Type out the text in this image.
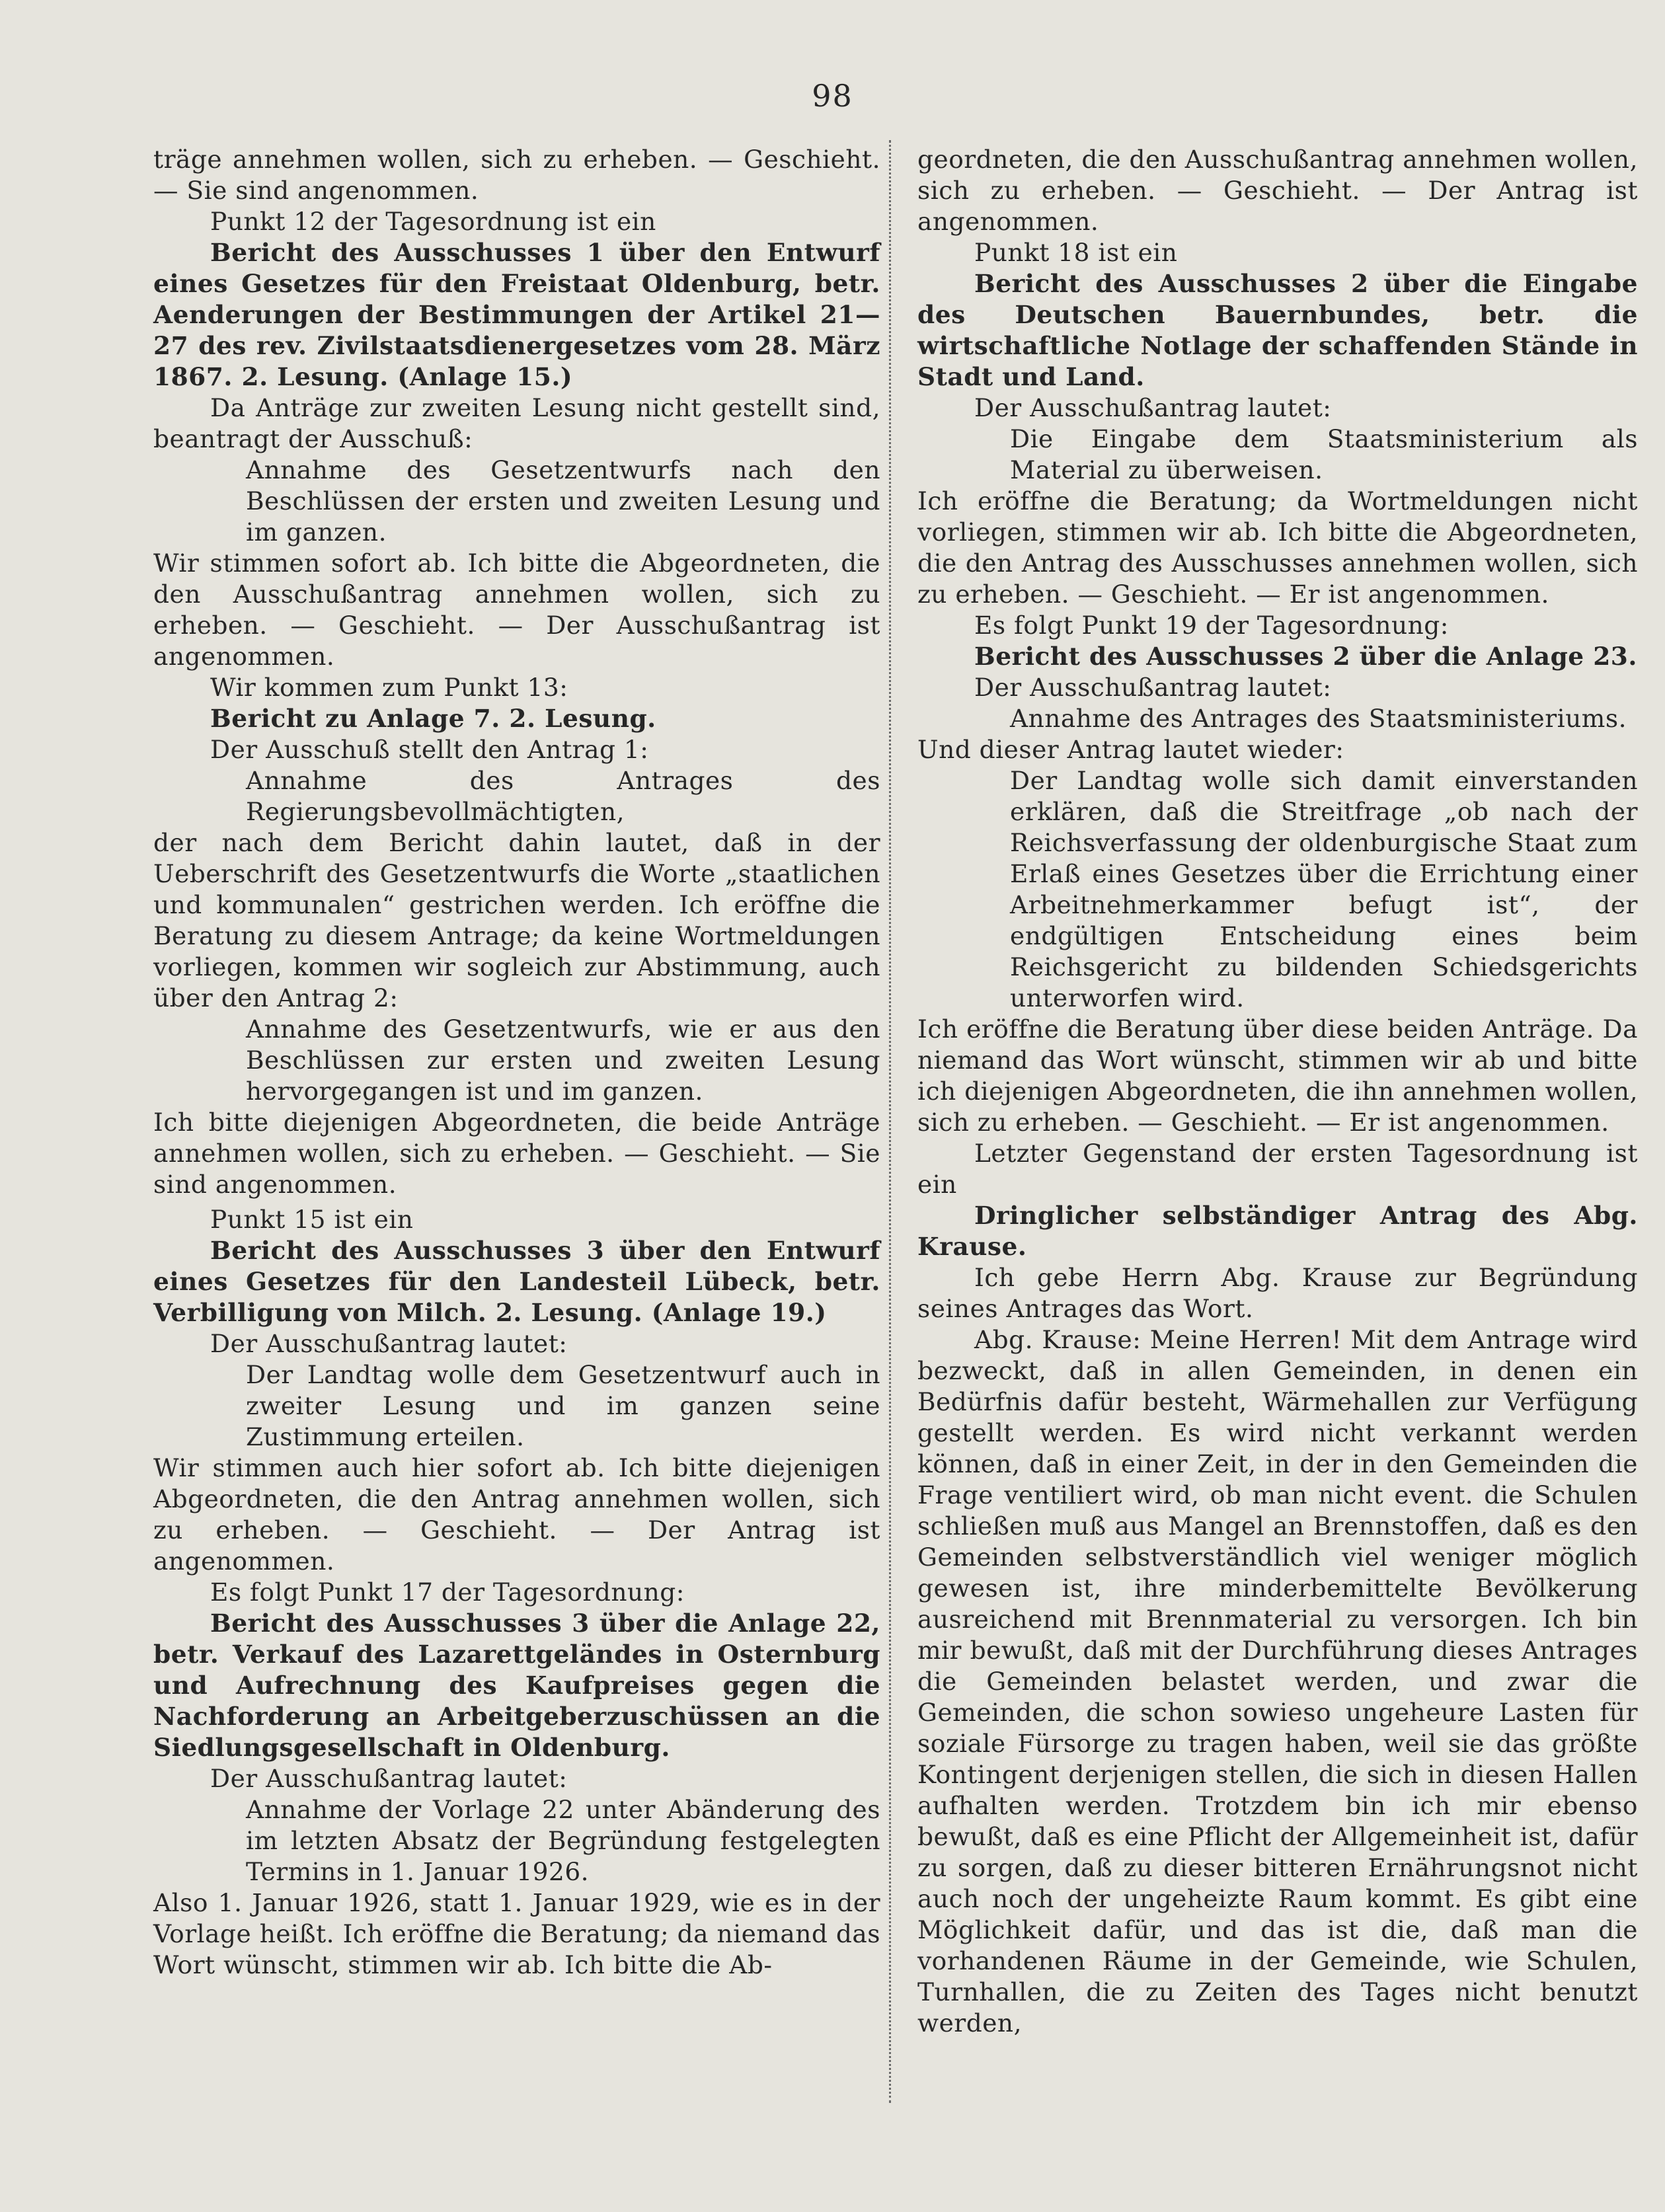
98

träge annehmen wollen, sich zu erheben. — Geschieht. — Sie sind angenommen.

Punkt 12 der Tagesordnung ist ein

Bericht des Ausschusses 1 über den Entwurf eines Gesetzes für den Freistaat Oldenburg, betr. Aenderungen der Bestimmungen der Artikel 21—27 des rev. Zivilstaatsdienergesetzes vom 28. März 1867. 2. Lesung. (Anlage 15.)

Da Anträge zur zweiten Lesung nicht gestellt sind, beantragt der Ausschuß:

Annahme des Gesetzentwurfs nach den Beschlüssen der ersten und zweiten Lesung und im ganzen.

Wir stimmen sofort ab. Ich bitte die Abgeordneten, die den Ausschußantrag annehmen wollen, sich zu erheben. — Geschieht. — Der Ausschußantrag ist angenommen.

Wir kommen zum Punkt 13:

Bericht zu Anlage 7. 2. Lesung.

Der Ausschuß stellt den Antrag 1:

Annahme des Antrages des Regierungsbevollmächtigten,

der nach dem Bericht dahin lautet, daß in der Ueberschrift des Gesetzentwurfs die Worte „staatlichen und kommunalen“ gestrichen werden. Ich eröffne die Beratung zu diesem Antrage; da keine Wortmeldungen vorliegen, kommen wir sogleich zur Abstimmung, auch über den Antrag 2:

Annahme des Gesetzentwurfs, wie er aus den Beschlüssen zur ersten und zweiten Lesung hervorgegangen ist und im ganzen.

Ich bitte diejenigen Abgeordneten, die beide Anträge annehmen wollen, sich zu erheben. — Geschieht. — Sie sind angenommen.

Punkt 15 ist ein

Bericht des Ausschusses 3 über den Entwurf eines Gesetzes für den Landesteil Lübeck, betr. Verbilligung von Milch. 2. Lesung. (Anlage 19.)

Der Ausschußantrag lautet:

Der Landtag wolle dem Gesetzentwurf auch in zweiter Lesung und im ganzen seine Zustimmung erteilen.

Wir stimmen auch hier sofort ab. Ich bitte diejenigen Abgeordneten, die den Antrag annehmen wollen, sich zu erheben. — Geschieht. — Der Antrag ist angenommen.

Es folgt Punkt 17 der Tagesordnung:

Bericht des Ausschusses 3 über die Anlage 22, betr. Verkauf des Lazarettgeländes in Osternburg und Aufrechnung des Kaufpreises gegen die Nachforderung an Arbeitgeberzuschüssen an die Siedlungsgesellschaft in Oldenburg.

Der Ausschußantrag lautet:

Annahme der Vorlage 22 unter Abänderung des im letzten Absatz der Begründung festgelegten Termins in 1. Januar 1926.

Also 1. Januar 1926, statt 1. Januar 1929, wie es in der Vorlage heißt. Ich eröffne die Beratung; da niemand das Wort wünscht, stimmen wir ab. Ich bitte die Ab-

geordneten, die den Ausschußantrag annehmen wollen, sich zu erheben. — Geschieht. — Der Antrag ist angenommen.

Punkt 18 ist ein

Bericht des Ausschusses 2 über die Eingabe des Deutschen Bauernbundes, betr. die wirtschaftliche Notlage der schaffenden Stände in Stadt und Land.

Der Ausschußantrag lautet:

Die Eingabe dem Staatsministerium als Material zu überweisen.

Ich eröffne die Beratung; da Wortmeldungen nicht vorliegen, stimmen wir ab. Ich bitte die Abgeordneten, die den Antrag des Ausschusses annehmen wollen, sich zu erheben. — Geschieht. — Er ist angenommen.

Es folgt Punkt 19 der Tagesordnung:

Bericht des Ausschusses 2 über die Anlage 23.

Der Ausschußantrag lautet:

Annahme des Antrages des Staatsministeriums.

Und dieser Antrag lautet wieder:

Der Landtag wolle sich damit einverstanden erklären, daß die Streitfrage „ob nach der Reichsverfassung der oldenburgische Staat zum Erlaß eines Gesetzes über die Errichtung einer Arbeitnehmerkammer befugt ist“, der endgültigen Entscheidung eines beim Reichsgericht zu bildenden Schiedsgerichts unterworfen wird.

Ich eröffne die Beratung über diese beiden Anträge. Da niemand das Wort wünscht, stimmen wir ab und bitte ich diejenigen Abgeordneten, die ihn annehmen wollen, sich zu erheben. — Geschieht. — Er ist angenommen.

Letzter Gegenstand der ersten Tagesordnung ist ein

Dringlicher selbständiger Antrag des Abg. Krause.

Ich gebe Herrn Abg. Krause zur Begründung seines Antrages das Wort.

Abg. Krause: Meine Herren! Mit dem Antrage wird bezweckt, daß in allen Gemeinden, in denen ein Bedürfnis dafür besteht, Wärmehallen zur Verfügung gestellt werden. Es wird nicht verkannt werden können, daß in einer Zeit, in der in den Gemeinden die Frage ventiliert wird, ob man nicht event. die Schulen schließen muß aus Mangel an Brennstoffen, daß es den Gemeinden selbstverständlich viel weniger möglich gewesen ist, ihre minderbemittelte Bevölkerung ausreichend mit Brennmaterial zu versorgen. Ich bin mir bewußt, daß mit der Durchführung dieses Antrages die Gemeinden belastet werden, und zwar die Gemeinden, die schon sowieso ungeheure Lasten für soziale Fürsorge zu tragen haben, weil sie das größte Kontingent derjenigen stellen, die sich in diesen Hallen aufhalten werden. Trotzdem bin ich mir ebenso bewußt, daß es eine Pflicht der Allgemeinheit ist, dafür zu sorgen, daß zu dieser bitteren Ernährungsnot nicht auch noch der ungeheizte Raum kommt. Es gibt eine Möglichkeit dafür, und das ist die, daß man die vorhandenen Räume in der Gemeinde, wie Schulen, Turnhallen, die zu Zeiten des Tages nicht benutzt werden,
